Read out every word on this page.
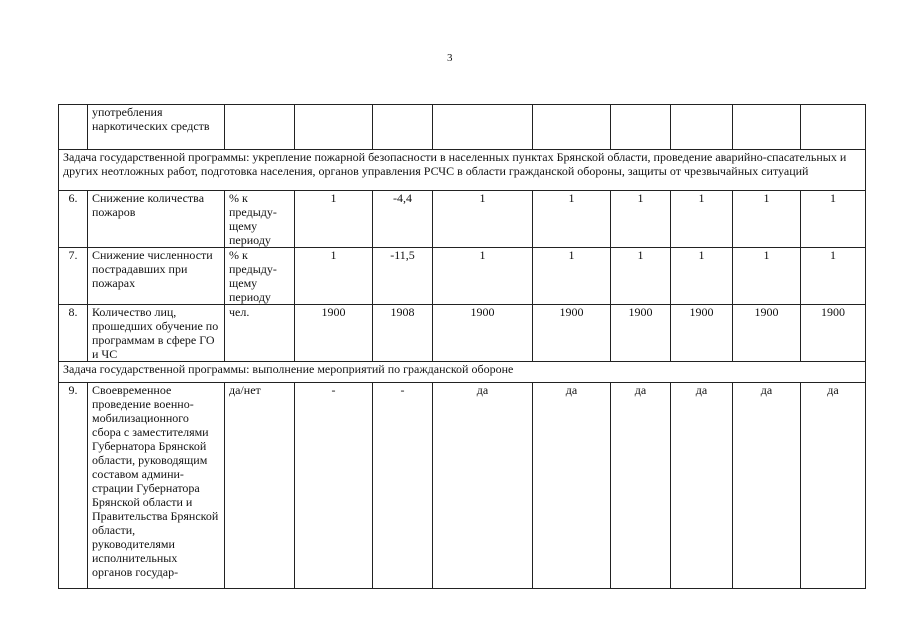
3
	употребления наркотических средств									
Задача государственной программы: укрепление пожарной безопасности в населенных пунктах Брянской области, проведение аварийно-спасательных и других неотложных работ, подготовка населения, органов управления РСЧС в области гражданской обороны, защиты от чрезвычайных ситуаций										
6.	Снижение количества пожаров	% к предыду-щему периоду	1	-4,4	1	1	1	1	1	1
7.	Снижение численности пострадавших при пожарах	% к предыду-щему периоду	1	-11,5	1	1	1	1	1	1
8.	Количество лиц, прошедших обучение по программам в сфере ГО и ЧС	чел.	1900	1908	1900	1900	1900	1900	1900	1900
Задача государственной программы: выполнение мероприятий по гражданской обороне										
9.	Своевременное проведение военно-мобилизационного сбора с заместителями Губернатора Брянской области, руководящим составом админи-страции Губернатора Брянской области и Правительства Брянской области, руководителями исполнительных органов государ-	да/нет	-	-	да	да	да	да	да	да
